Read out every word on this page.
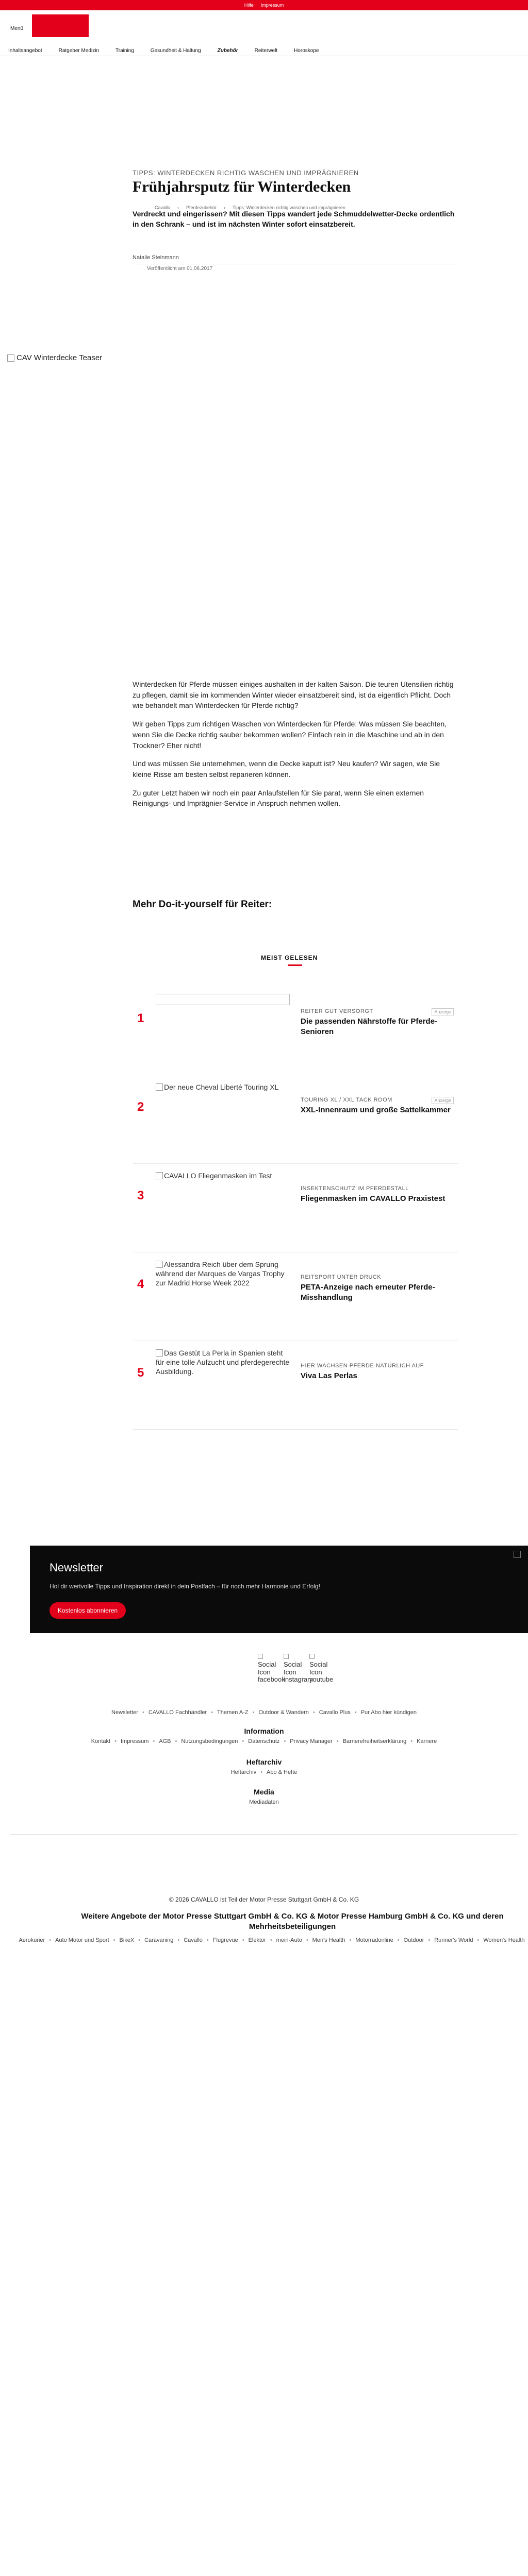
Hilfe Impressum
Menü
Inhaltsangebot	Ratgeber Medizin	Training	Gesundheit & Haltung	Zubehör	Reiterwelt	Horoskope
Cavallo › Pferdezubehör › Tipps: Winterdecken richtig waschen und imprägnieren
TIPPS: WINTERDECKEN RICHTIG WASCHEN UND IMPRÄGNIEREN
Frühjahrsputz für Winterdecken

Verdreckt und eingerissen? Mit diesen Tipps wandert jede Schmuddelwetter-Decke ordentlich in den Schrank – und ist im nächsten Winter sofort einsatzbereit.

Natalie Steinmann
Veröffentlicht am 01.06.2017
CAV Winterdecke Teaser

Winterdecken für Pferde müssen einiges aushalten in der kalten Saison. Die teuren Utensilien richtig zu pflegen, damit sie im kommenden Winter wieder einsatzbereit sind, ist da eigentlich Pflicht. Doch wie behandelt man Winterdecken für Pferde richtig?

Wir geben Tipps zum richtigen Waschen von Winterdecken für Pferde: Was müssen Sie beachten, wenn Sie die Decke richtig sauber bekommen wollen? Einfach rein in die Maschine und ab in den Trockner? Eher nicht!

Und was müssen Sie unternehmen, wenn die Decke kaputt ist? Neu kaufen? Wir sagen, wie Sie kleine Risse am besten selbst reparieren können.

Zu guter Letzt haben wir noch ein paar Anlaufstellen für Sie parat, wenn Sie einen externen Reinigungs- und Imprägnier-Service in Anspruch nehmen wollen.

Mehr Do-it-yourself für Reiter:
MEIST GELESEN
1	REITER GUT VERSORGT	Anzeige
Die passenden Nährstoffe für Pferde-Senioren
2
Der neue Cheval Liberté Touring XL
TOURING XL / XXL TACK ROOM	Anzeige
XXL-Innenraum und große Sattelkammer
3
CAVALLO Fliegenmasken im Test
INSEKTENSCHUTZ IM PFERDESTALL
Fliegenmasken im CAVALLO Praxistest
4
Alessandra Reich über dem Sprung während der Marques de Vargas Trophy zur Madrid Horse Week 2022
REITSPORT UNTER DRUCK
PETA-Anzeige nach erneuter Pferde-Misshandlung
5
Das Gestüt La Perla in Spanien steht für eine tolle Aufzucht und pferdegerechte Ausbildung.
HIER WACHSEN PFERDE NATÜRLICH AUF
Viva Las Perlas
Newsletter
Hol dir wertvolle Tipps und Inspiration direkt in dein Postfach – für noch mehr Harmonie und Erfolg!
Kostenlos abonnieren
Social Icon facebook
Social Icon instagram
Social Icon youtube
Newsletter • CAVALLO Fachhändler • Themen A-Z • Outdoor & Wandern • Cavallo Plus • Pur Abo hier kündigen
Information
Kontakt • Impressum • AGB • Nutzungsbedingungen • Datenschutz • Privacy Manager • Barrierefreiheitserklärung • Karriere
Heftarchiv
Heftarchiv • Abo & Hefte
Media
Mediadaten
© 2026 CAVALLO ist Teil der Motor Presse Stuttgart GmbH & Co. KG
Weitere Angebote der Motor Presse Stuttgart GmbH & Co. KG & Motor Presse Hamburg GmbH & Co. KG und deren Mehrheitsbeteiligungen
Aerokurier • Auto Motor und Sport • BikeX • Caravaning • Cavallo • Flugrevue • Elektor • mein-Auto • Men's Health • Motorradonline • Outdoor • Runner's World • Women's Health
